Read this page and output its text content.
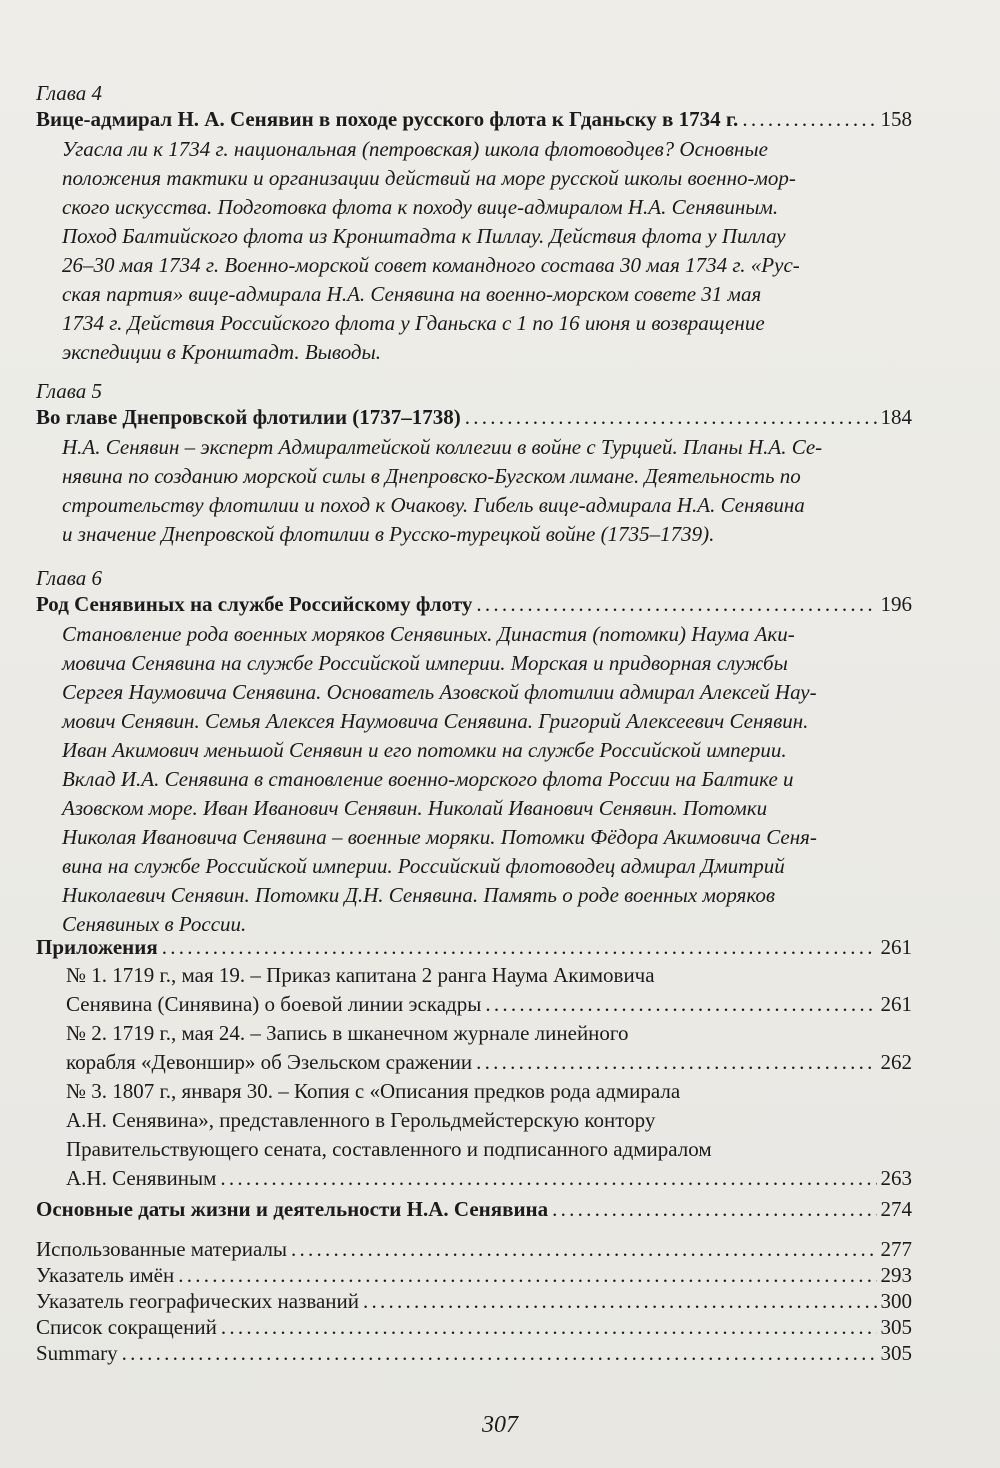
Глава 4
Вице-адмирал Н. А. Сенявин в походе русского флота к Гданьску в 1734 г. . . .	158
Угасла ли к 1734 г. национальная (петровская) школа флотоводцев? Основные
положения тактики и организации действий на море русской школы военно-мор-
ского искусства. Подготовка флота к походу вице-адмиралом Н.А. Сенявиным.
Поход Балтийского флота из Кронштадта к Пиллау. Действия флота у Пиллау
26–30 мая 1734 г. Военно-морской совет командного состава 30 мая 1734 г. «Рус-
ская партия» вице-адмирала Н.А. Сенявина на военно-морском совете 31 мая
1734 г. Действия Российского флота у Гданьска с 1 по 16 июня и возвращение
экспедиции в Кронштадт. Выводы.
Глава 5
Во главе Днепровской флотилии (1737–1738) . . .	184
Н.А. Сенявин – эксперт Адмиралтейской коллегии в войне с Турцией. Планы Н.А. Се-
нявина по созданию морской силы в Днепровско-Бугском лимане. Деятельность по
строительству флотилии и поход к Очакову. Гибель вице-адмирала Н.А. Сенявина
и значение Днепровской флотилии в Русско-турецкой войне (1735–1739).
Глава 6
Род Сенявиных на службе Российскому флоту . . .	196
Становление рода военных моряков Сенявиных. Династия (потомки) Наума Аки-
мовича Сенявина на службе Российской империи. Морская и придворная службы
Сергея Наумовича Сенявина. Основатель Азовской флотилии адмирал Алексей Нау-
мович Сенявин. Семья Алексея Наумовича Сенявина. Григорий Алексеевич Сенявин.
Иван Акимович меньшой Сенявин и его потомки на службе Российской империи.
Вклад И.А. Сенявина в становление военно-морского флота России на Балтике и
Азовском море. Иван Иванович Сенявин. Николай Иванович Сенявин. Потомки
Николая Ивановича Сенявина – военные моряки. Потомки Фёдора Акимовича Сеня-
вина на службе Российской империи. Российский флотоводец адмирал Дмитрий
Николаевич Сенявин. Потомки Д.Н. Сенявина. Память о роде военных моряков
Сенявиных в России.
Приложения . . .	261
№ 1. 1719 г., мая 19. – Приказ капитана 2 ранга Наума Акимовича
Сенявина (Синявина) о боевой линии эскадры . . .	261
№ 2. 1719 г., мая 24. – Запись в шканечном журнале линейного
корабля «Девоншир» об Эзельском сражении . . .	262
№ 3. 1807 г., января 30. – Копия с «Описания предков рода адмирала
А.Н. Сенявина», представленного в Герольдмейстерскую контору
Правительствующего сената, составленного и подписанного адмиралом
А.Н. Сенявиным . . .	263
Основные даты жизни и деятельности Н.А. Сенявина . . .	274
Использованные материалы . . .	277
Указатель имён . . .	293
Указатель географических названий . . .	300
Список сокращений . . .	305
Summary . . .	305
307
